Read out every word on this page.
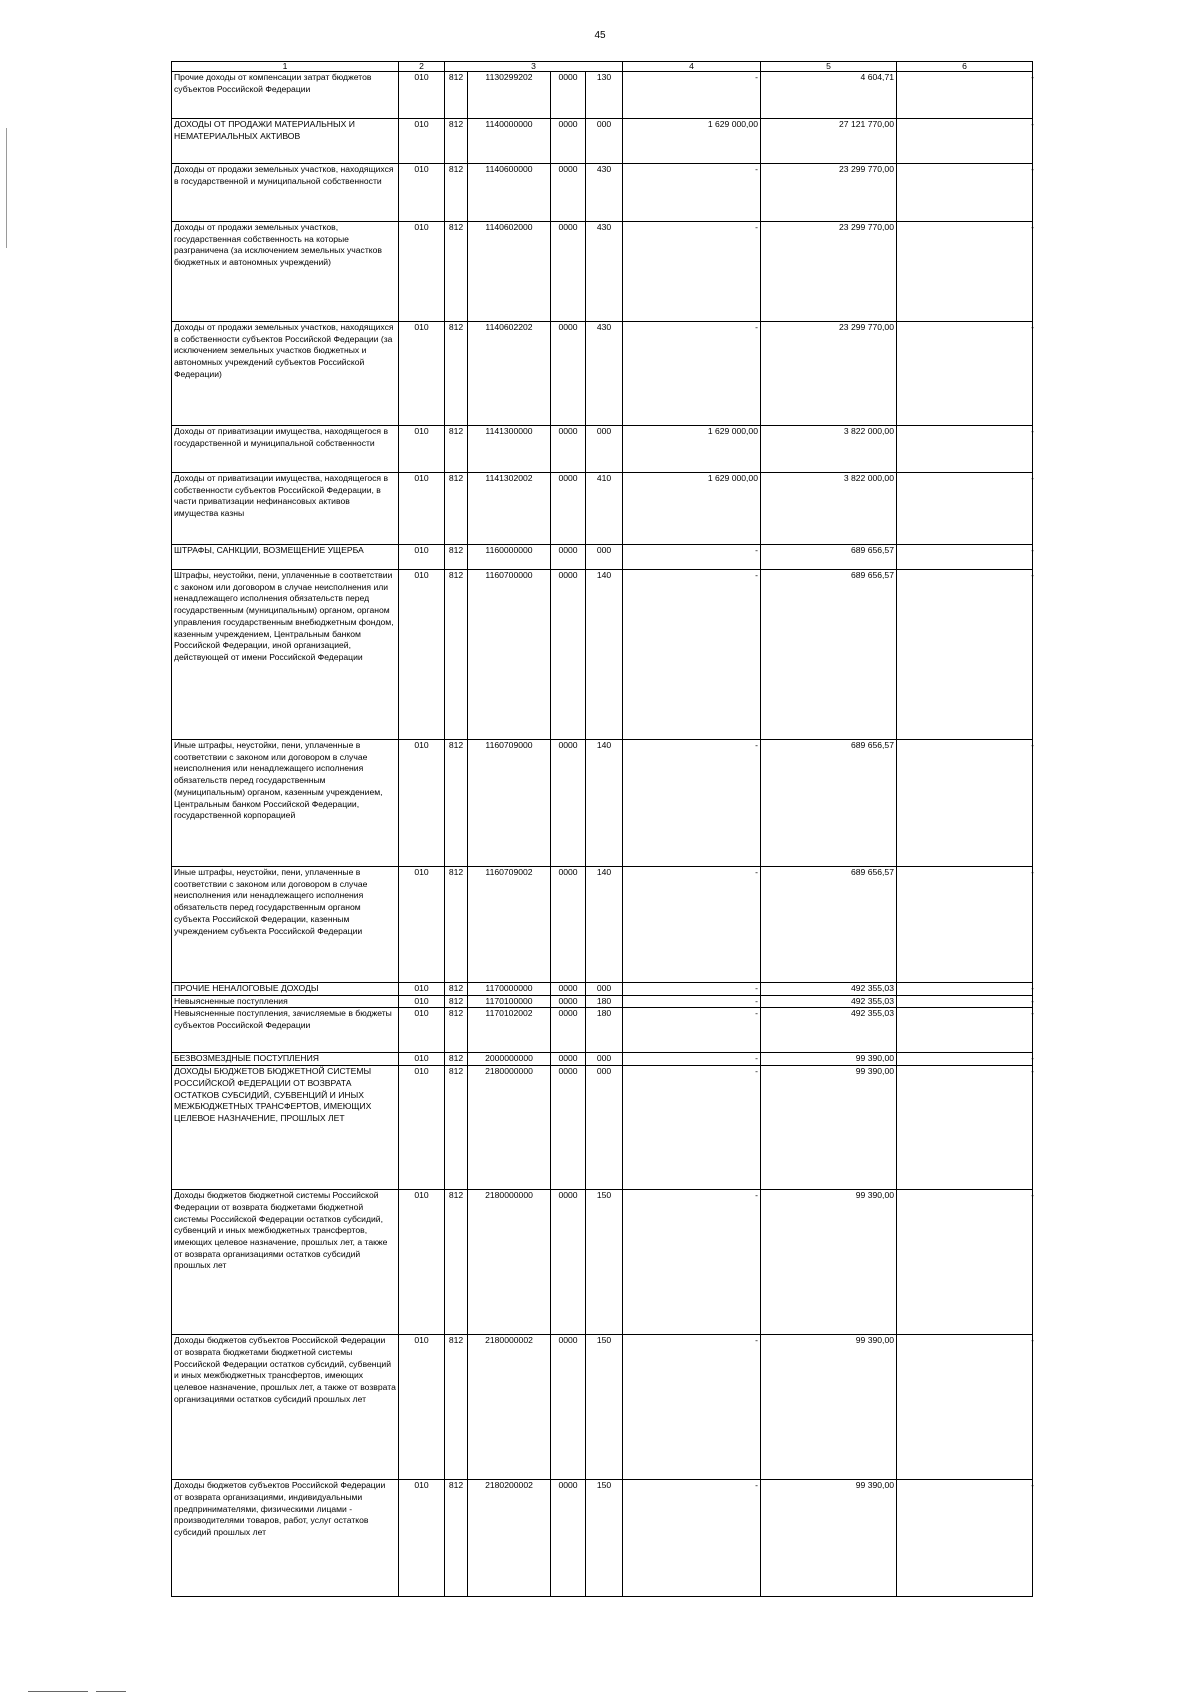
45
1	2	3				4	5	6
Прочие доходы от компенсации затрат бюджетов субъектов Российской Федерации	010	812	1130299202	0000	130	-	4 604,71	-

ДОХОДЫ ОТ ПРОДАЖИ МАТЕРИАЛЬНЫХ И НЕМАТЕРИАЛЬНЫХ АКТИВОВ	010	812	1140000000	0000	000	1 629 000,00	27 121 770,00	-

Доходы от продажи земельных участков, находящихся в государственной и муниципальной собственности	010	812	1140600000	0000	430	-	23 299 770,00	-

Доходы от продажи земельных участков, государственная собственность на которые разграничена (за исключением земельных участков бюджетных и автономных учреждений)	010	812	1140602000	0000	430	-	23 299 770,00	-

Доходы от продажи земельных участков, находящихся в собственности субъектов Российской Федерации (за исключением земельных участков бюджетных и автономных учреждений субъектов Российской Федерации)	010	812	1140602202	0000	430	-	23 299 770,00	-

Доходы от приватизации имущества, находящегося в государственной и муниципальной собственности	010	812	1141300000	0000	000	1 629 000,00	3 822 000,00	-

Доходы от приватизации имущества, находящегося в собственности субъектов Российской Федерации, в части приватизации нефинансовых активов имущества казны	010	812	1141302002	0000	410	1 629 000,00	3 822 000,00	-

ШТРАФЫ, САНКЦИИ, ВОЗМЕЩЕНИЕ УЩЕРБА	010	812	1160000000	0000	000	-	689 656,57	-

Штрафы, неустойки, пени, уплаченные в соответствии с законом или договором в случае неисполнения или ненадлежащего исполнения обязательств перед государственным (муниципальным) органом, органом управления государственным внебюджетным фондом, казенным учреждением, Центральным банком Российской Федерации, иной организацией, действующей от имени Российской Федерации	010	812	1160700000	0000	140	-	689 656,57	-

Иные штрафы, неустойки, пени, уплаченные в соответствии с законом или договором в случае неисполнения или ненадлежащего исполнения обязательств перед государственным (муниципальным) органом, казенным учреждением, Центральным банком Российской Федерации, государственной корпорацией	010	812	1160709000	0000	140	-	689 656,57	-

Иные штрафы, неустойки, пени, уплаченные в соответствии с законом или договором в случае неисполнения или ненадлежащего исполнения обязательств перед государственным органом субъекта Российской Федерации, казенным учреждением субъекта Российской Федерации	010	812	1160709002	0000	140	-	689 656,57	-

ПРОЧИЕ НЕНАЛОГОВЫЕ ДОХОДЫ	010	812	1170000000	0000	000	-	492 355,03	-

Невыясненные поступления	010	812	1170100000	0000	180	-	492 355,03	-

Невыясненные поступления, зачисляемые в бюджеты субъектов Российской Федерации	010	812	1170102002	0000	180	-	492 355,03	-

БЕЗВОЗМЕЗДНЫЕ ПОСТУПЛЕНИЯ	010	812	2000000000	0000	000	-	99 390,00	-

ДОХОДЫ БЮДЖЕТОВ БЮДЖЕТНОЙ СИСТЕМЫ РОССИЙСКОЙ ФЕДЕРАЦИИ ОТ ВОЗВРАТА ОСТАТКОВ СУБСИДИЙ, СУБВЕНЦИЙ И ИНЫХ МЕЖБЮДЖЕТНЫХ ТРАНСФЕРТОВ, ИМЕЮЩИХ ЦЕЛЕВОЕ НАЗНАЧЕНИЕ, ПРОШЛЫХ ЛЕТ	010	812	2180000000	0000	000	-	99 390,00	-

Доходы бюджетов бюджетной системы Российской Федерации от возврата бюджетами бюджетной системы Российской Федерации остатков субсидий, субвенций и иных межбюджетных трансфертов, имеющих целевое назначение, прошлых лет, а также от возврата организациями остатков субсидий прошлых лет	010	812	2180000000	0000	150	-	99 390,00	-

Доходы бюджетов субъектов Российской Федерации от возврата бюджетами бюджетной системы Российской Федерации остатков субсидий, субвенций и иных межбюджетных трансфертов, имеющих целевое назначение, прошлых лет, а также от возврата организациями остатков субсидий прошлых лет	010	812	2180000002	0000	150	-	99 390,00	-

Доходы бюджетов субъектов Российской Федерации от возврата организациями, индивидуальными предпринимателями, физическими лицами - производителями товаров, работ, услуг остатков субсидий прошлых лет	010	812	2180200002	0000	150	-	99 390,00	-
